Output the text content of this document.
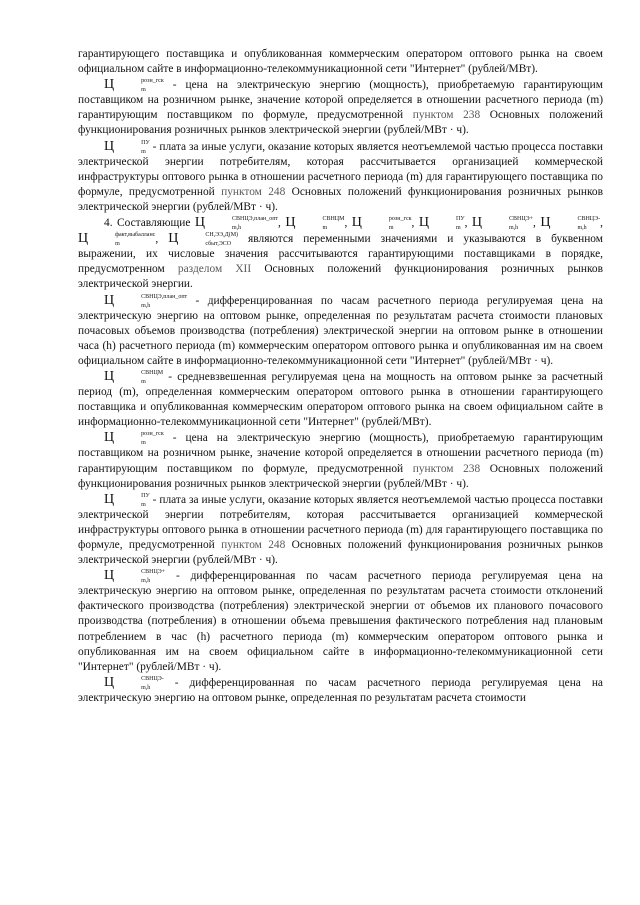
гарантирующего поставщика и опубликованная коммерческим оператором оптового рынка на своем официальном сайте в информационно-телекоммуникационной сети "Интернет" (рублей/МВт).

Ц	розн_гск
m	- цена на электрическую энергию (мощность), приобретаемую гарантирующим поставщиком на розничном рынке, значение которой определяется в отношении расчетного периода (m) гарантирующим поставщиком по формуле, предусмотренной пунктом 238 Основных положений функционирования розничных рынков электрической энергии (рублей/МВт · ч).

Ц	ПУ
m - плата за иные услуги, оказание которых является неотъемлемой частью процесса поставки электрической энергии потребителям, которая рассчитывается организацией коммерческой инфраструктуры оптового рынка в отношении расчетного периода (m) для гарантирующего поставщика по формуле, предусмотренной пунктом 248 Основных положений функционирования розничных рынков электрической энергии (рублей/МВт · ч).

4. Составляющие Ц	СВНЦЭ,план_опт
m,h	, Ц	СВНЦМ
m	, Ц	розн_гск
m	, Ц	ПУ
m , Ц	СВНЦЭ+
m,h	, Ц	СВНЦЭ-
m,h	, Ц	факт,выбалланс
m	, Ц	СН,ЭЭ,Д(М)
сбыт,ЭСО являются переменными значениями и указываются в буквенном выражении, их числовые значения рассчитываются гарантирующими поставщиками в порядке, предусмотренном разделом XII Основных положений функционирования розничных рынков электрической энергии.

Ц	СВНЦЭ,план_опт
m,h	- дифференцированная по часам расчетного периода регулируемая цена на электрическую энергию на оптовом рынке, определенная по результатам расчета стоимости плановых почасовых объемов производства (потребления) электрической энергии на оптовом рынке в отношении часа (h) расчетного периода (m) коммерческим оператором оптового рынка и опубликованная им на своем официальном сайте в информационно-телекоммуникационной сети "Интернет" (рублей/МВт · ч).

Ц	СВНЦМ
m	- средневзвешенная регулируемая цена на мощность на оптовом рынке за расчетный период (m), определенная коммерческим оператором оптового рынка в отношении гарантирующего поставщика и опубликованная коммерческим оператором оптового рынка на своем официальном сайте в информационно-телекоммуникационной сети "Интернет" (рублей/МВт).

Ц	розн_гск
m	- цена на электрическую энергию (мощность), приобретаемую гарантирующим поставщиком на розничном рынке, значение которой определяется в отношении расчетного периода (m) гарантирующим поставщиком по формуле, предусмотренной пунктом 238 Основных положений функционирования розничных рынков электрической энергии (рублей/МВт · ч).

Ц	ПУ
m - плата за иные услуги, оказание которых является неотъемлемой частью процесса поставки электрической энергии потребителям, которая рассчитывается организацией коммерческой инфраструктуры оптового рынка в отношении расчетного периода (m) для гарантирующего поставщика по формуле, предусмотренной пунктом 248 Основных положений функционирования розничных рынков электрической энергии (рублей/МВт · ч).

Ц	СВНЦЭ+
m,h	- дифференцированная по часам расчетного периода регулируемая цена на электрическую энергию на оптовом рынке, определенная по результатам расчета стоимости отклонений фактического производства (потребления) электрической энергии от объемов их планового почасового производства (потребления) в отношении объема превышения фактического потребления над плановым потреблением в час (h) расчетного периода (m) коммерческим оператором оптового рынка и опубликованная им на своем официальном сайте в информационно-телекоммуникационной сети "Интернет" (рублей/МВт · ч).

Ц	СВНЦЭ-
m,h	- дифференцированная по часам расчетного периода регулируемая цена на электрическую энергию на оптовом рынке, определенная по результатам расчета стоимости
